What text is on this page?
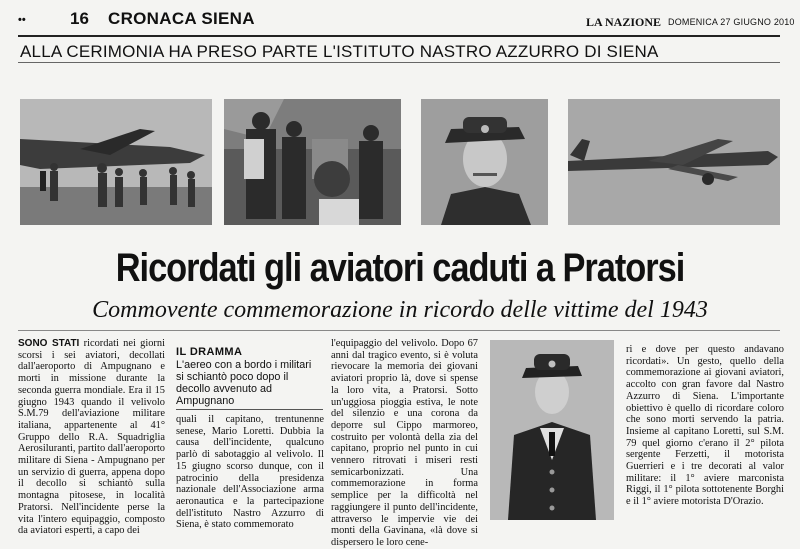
••	16 CRONACA SIENA	LA NAZIONE DOMENICA 27 GIUGNO 2010
ALLA CERIMONIA HA PRESO PARTE L'ISTITUTO NASTRO AZZURRO DI SIENA
Ricordati gli aviatori caduti a Pratorsi
Commovente commemorazione in ricordo delle vittime del 1943

SONO STATI ricordati nei giorni scorsi i sei aviatori, decollati dall'aeroporto di Ampugnano e morti in missione durante la seconda guerra mondiale. Era il 15 giugno 1943 quando il velivolo S.M.79 dell'aviazione militare italiana, appartenente al 41° Gruppo dello R.A. Squadriglia Aerosiluranti, partito dall'aeroporto militare di Siena - Ampugnano per un servizio di guerra, appena dopo il decollo si schiantò sulla montagna pitosese, in località Pratorsi. Nell'incidente perse la vita l'intero equipaggio, composto da aviatori esperti, a capo dei

IL DRAMMA
L'aereo con a bordo i militari si schiantò poco dopo il decollo avvenuto ad Ampugnano

quali il capitano, trentunenne senese, Mario Loretti. Dubbia la causa dell'incidente, qualcuno parlò di sabotaggio al velivolo. Il 15 giugno scorso dunque, con il patrocinio della presidenza nazionale dell'Associazione arma aeronautica e la partecipazione dell'istituto Nastro Azzurro di Siena, è stato commemorato

l'equipaggio del velivolo. Dopo 67 anni dal tragico evento, si è voluta rievocare la memoria dei giovani aviatori proprio là, dove si spense la loro vita, a Pratorsi. Sotto un'uggiosa pioggia estiva, le note del silenzio e una corona da deporre sul Cippo marmoreo, costruito per volontà della zia del capitano, proprio nel punto in cui vennero ritrovati i miseri resti semicarbonizzati. Una commemorazione in forma semplice per la difficoltà nel raggiungere il punto dell'incidente, attraverso le impervie vie dei monti della Gavinana, «là dove si dispersero le loro cene-

ri e dove per questo andavano ricordati». Un gesto, quello della commemorazione ai giovani aviatori, accolto con gran favore dal Nastro Azzurro di Siena. L'importante obiettivo è quello di ricordare coloro che sono morti servendo la patria. Insieme al capitano Loretti, sul S.M. 79 quel giorno c'erano il 2° pilota sergente Ferzetti, il motorista Guerrieri e i tre decorati al valor militare: il 1° aviere marconista Riggi, il 1° pilota sottotenente Borghi e il 1° aviere motorista D'Orazio.
